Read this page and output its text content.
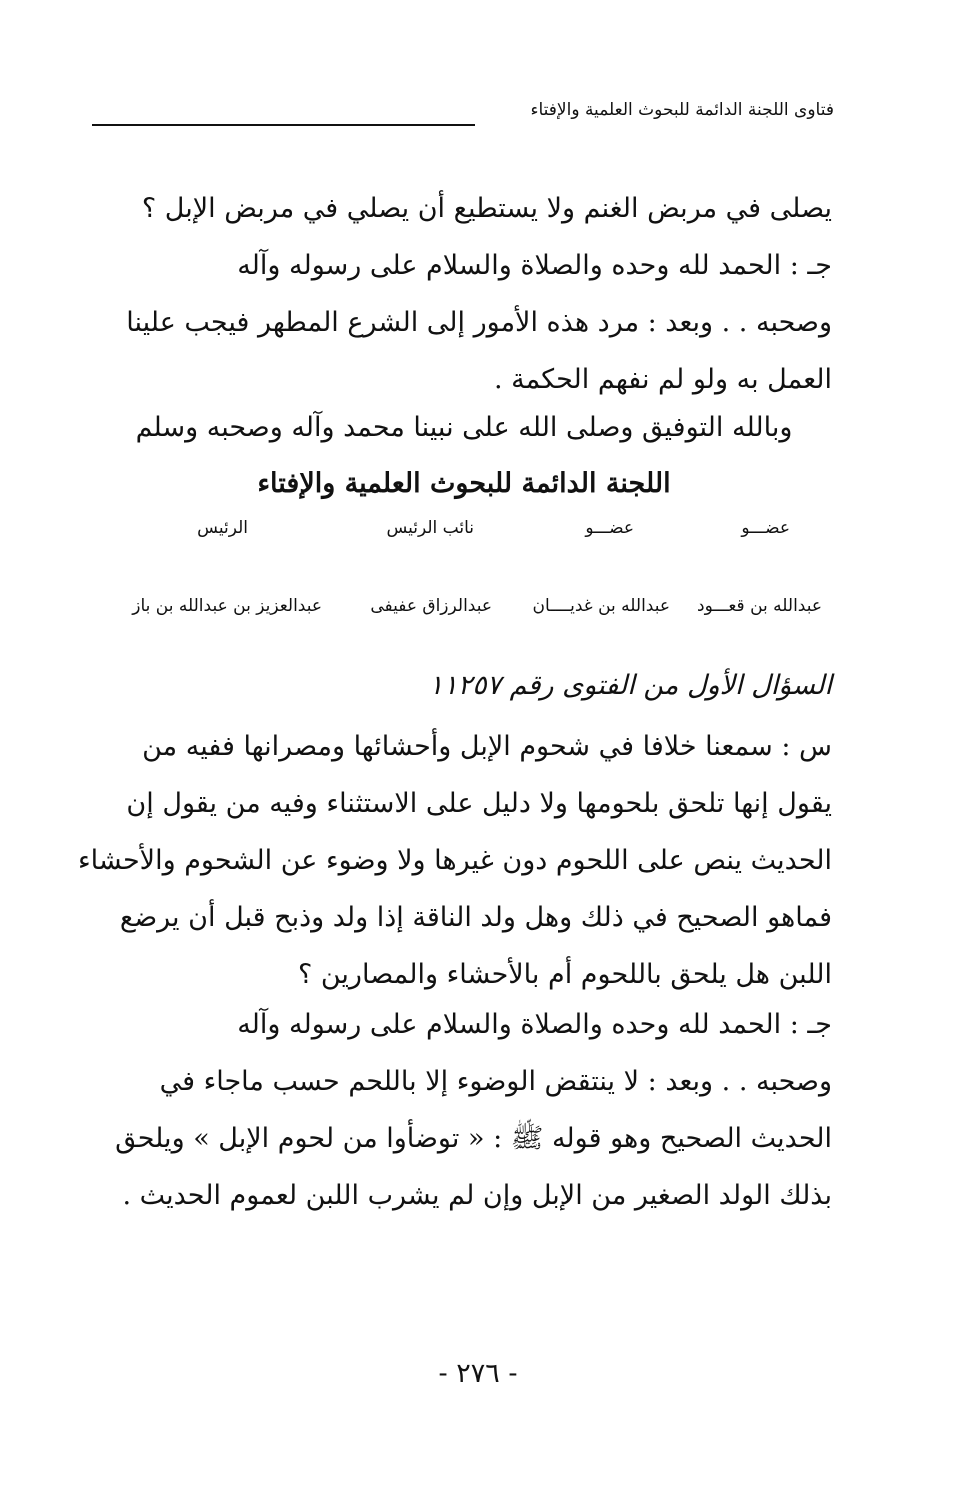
فتاوى اللجنة الدائمة للبحوث العلمية والإفتاء
يصلى في مربض الغنم ولا يستطيع أن يصلي في مربض الإبل ؟
جـ : الحمد لله وحده والصلاة والسلام على رسوله وآله
وصحبه . . وبعد : مرد هذه الأمور إلى الشرع المطهر فيجب علينا
العمل به ولو لم نفهم الحكمة .
وبالله التوفيق وصلى الله على نبينا محمد وآله وصحبه وسلم
اللجنة الدائمة للبحوث العلمية والإفتاء
عضـــو
عضـــو
نائب الرئيس
الرئيس
عبدالله بن قعـــود
عبدالله بن غديــــان
عبدالرزاق عفيفى
عبدالعزيز بن عبدالله بن باز
السؤال الأول من الفتوى رقم ١١٢٥٧
س : سمعنا خلافا في شحوم الإبل وأحشائها ومصرانها ففيه من
يقول إنها تلحق بلحومها ولا دليل على الاستثناء وفيه من يقول إن
الحديث ينص على اللحوم دون غيرها ولا وضوء عن الشحوم والأحشاء
فماهو الصحيح في ذلك وهل ولد الناقة إذا ولد وذبح قبل أن يرضع
اللبن هل يلحق باللحوم أم بالأحشاء والمصارين ؟
جـ : الحمد لله وحده والصلاة والسلام على رسوله وآله
وصحبه . . وبعد : لا ينتقض الوضوء إلا باللحم حسب ماجاء في
الحديث الصحيح وهو قوله ﷺ : « توضأوا من لحوم الإبل » ويلحق
بذلك الولد الصغير من الإبل وإن لم يشرب اللبن لعموم الحديث .
- ٢٧٦ -
